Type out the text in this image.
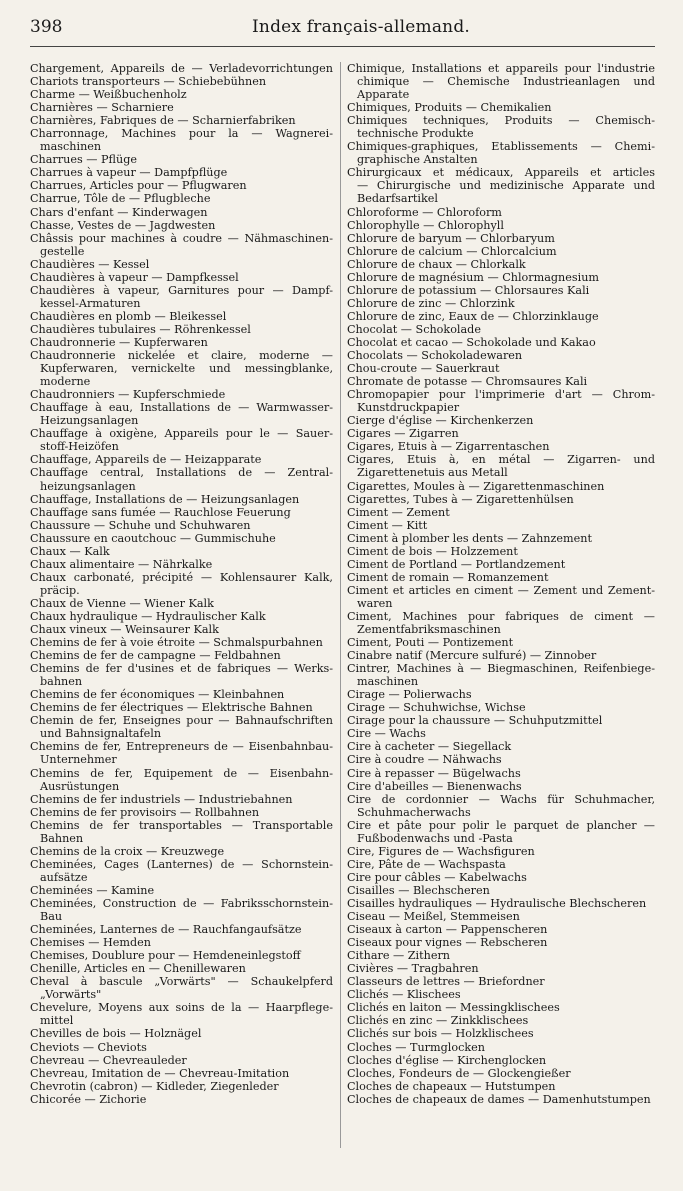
398	Index français-allemand.
Chargement, Appareils de — Verladevorrichtungen
Chariots transporteurs — Schiebebühnen
Charme — Weißbuchenholz
Charnières — Scharniere
Charnières, Fabriques de — Scharnierfabriken
Charronnage, Machines pour la — Wagnerei-
maschinen
Charrues — Pflüge
Charrues à vapeur — Dampfpflüge
Charrues, Articles pour — Pflugwaren
Charrue, Tôle de — Pflugbleche
Chars d'enfant — Kinderwagen
Chasse, Vestes de — Jagdwesten
Châssis pour machines à coudre — Nähmaschinen-
gestelle
Chaudières — Kessel
Chaudières à vapeur — Dampfkessel
Chaudières à vapeur, Garnitures pour — Dampf-
kessel-Armaturen
Chaudières en plomb — Bleikessel
Chaudières tubulaires — Röhrenkessel
Chaudronnerie — Kupferwaren
Chaudronnerie nickelée et claire, moderne —
Kupferwaren, vernickelte und messingblanke,
moderne
Chaudronniers — Kupferschmiede
Chauffage à eau, Installations de — Warmwasser-
Heizungsanlagen
Chauffage à oxigène, Appareils pour le — Sauer-
stoff-Heizöfen
Chauffage, Appareils de — Heizapparate
Chauffage central, Installations de — Zentral-
heizungsanlagen
Chauffage, Installations de — Heizungsanlagen
Chauffage sans fumée — Rauchlose Feuerung
Chaussure — Schuhe und Schuhwaren
Chaussure en caoutchouc — Gummischuhe
Chaux — Kalk
Chaux alimentaire — Nährkalke
Chaux carbonaté, précipité — Kohlensaurer Kalk,
präcip.
Chaux de Vienne — Wiener Kalk
Chaux hydraulique — Hydraulischer Kalk
Chaux vineux — Weinsaurer Kalk
Chemins de fer à voie étroite — Schmalspurbahnen
Chemins de fer de campagne — Feldbahnen
Chemins de fer d'usines et de fabriques — Werks-
bahnen
Chemins de fer économiques — Kleinbahnen
Chemins de fer électriques — Elektrische Bahnen
Chemin de fer, Enseignes pour — Bahnaufschriften
und Bahnsignaltafeln
Chemins de fer, Entrepreneurs de — Eisenbahnbau-
Unternehmer
Chemins de fer, Equipement de — Eisenbahn-
Ausrüstungen
Chemins de fer industriels — Industriebahnen
Chemins de fer provisoirs — Rollbahnen
Chemins de fer transportables — Transportable
Bahnen
Chemins de la croix — Kreuzwege
Cheminées, Cages (Lanternes) de — Schornstein-
aufsätze
Cheminées — Kamine
Cheminées, Construction de — Fabriksschornstein-
Bau
Cheminées, Lanternes de — Rauchfangaufsätze
Chemises — Hemden
Chemises, Doublure pour — Hemdeneinlegstoff
Chenille, Articles en — Chenillewaren
Cheval à bascule „Vorwärts" — Schaukelpferd
„Vorwärts"
Chevelure, Moyens aux soins de la — Haarpflege-
mittel
Chevilles de bois — Holznägel
Cheviots — Cheviots
Chevreau — Chevreauleder
Chevreau, Imitation de — Chevreau-Imitation
Chevrotin (cabron) — Kidleder, Ziegenleder
Chicorée — Zichorie
Chimique, Installations et appareils pour l'industrie
chimique — Chemische Industrieanlagen und
Apparate
Chimiques, Produits — Chemikalien
Chimiques techniques, Produits — Chemisch-
technische Produkte
Chimiques-graphiques, Etablissements — Chemi-
graphische Anstalten
Chirurgicaux et médicaux, Appareils et articles
— Chirurgische und medizinische Apparate und
Bedarfsartikel
Chloroforme — Chloroform
Chlorophylle — Chlorophyll
Chlorure de baryum — Chlorbaryum
Chlorure de calcium — Chlorcalcium
Chlorure de chaux — Chlorkalk
Chlorure de magnésium — Chlormagnesium
Chlorure de potassium — Chlorsaures Kali
Chlorure de zinc — Chlorzink
Chlorure de zinc, Eaux de — Chlorzinklauge
Chocolat — Schokolade
Chocolat et cacao — Schokolade und Kakao
Chocolats — Schokoladewaren
Chou-croute — Sauerkraut
Chromate de potasse — Chromsaures Kali
Chromopapier pour l'imprimerie d'art — Chrom-
Kunstdruckpapier
Cierge d'église — Kirchenkerzen
Cigares — Zigarren
Cigares, Etuis à — Zigarrentaschen
Cigares, Etuis à, en métal — Zigarren- und
Zigarettenetuis aus Metall
Cigarettes, Moules à — Zigarettenmaschinen
Cigarettes, Tubes à — Zigarettenhülsen
Ciment — Zement
Ciment — Kitt
Ciment à plomber les dents — Zahnzement
Ciment de bois — Holzzement
Ciment de Portland — Portlandzement
Ciment de romain — Romanzement
Ciment et articles en ciment — Zement und Zement-
waren
Ciment, Machines pour fabriques de ciment —
Zementfabriksmaschinen
Ciment, Pouti — Pontizement
Cinabre natif (Mercure sulfuré) — Zinnober
Cintrer, Machines à — Biegmaschinen, Reifenbiege-
maschinen
Cirage — Polierwachs
Cirage — Schuhwichse, Wichse
Cirage pour la chaussure — Schuhputzmittel
Cire — Wachs
Cire à cacheter — Siegellack
Cire à coudre — Nähwachs
Cire à repasser — Bügelwachs
Cire d'abeilles — Bienenwachs
Cire de cordonnier — Wachs für Schuhmacher,
Schuhmacherwachs
Cire et pâte pour polir le parquet de plancher —
Fußbodenwachs und -Pasta
Cire, Figures de — Wachsfiguren
Cire, Pâte de — Wachspasta
Cire pour câbles — Kabelwachs
Cisailles — Blechscheren
Cisailles hydrauliques — Hydraulische Blechscheren
Ciseau — Meißel, Stemmeisen
Ciseaux à carton — Pappenscheren
Ciseaux pour vignes — Rebscheren
Cithare — Zithern
Civières — Tragbahren
Classeurs de lettres — Briefordner
Clichés — Klischees
Clichés en laiton — Messingklischees
Clichés en zinc — Zinkklischees
Clichés sur bois — Holzklischees
Cloches — Turmglocken
Cloches d'église — Kirchenglocken
Cloches, Fondeurs de — Glockengießer
Cloches de chapeaux — Hutstumpen
Cloches de chapeaux de dames — Damenhutstumpen
